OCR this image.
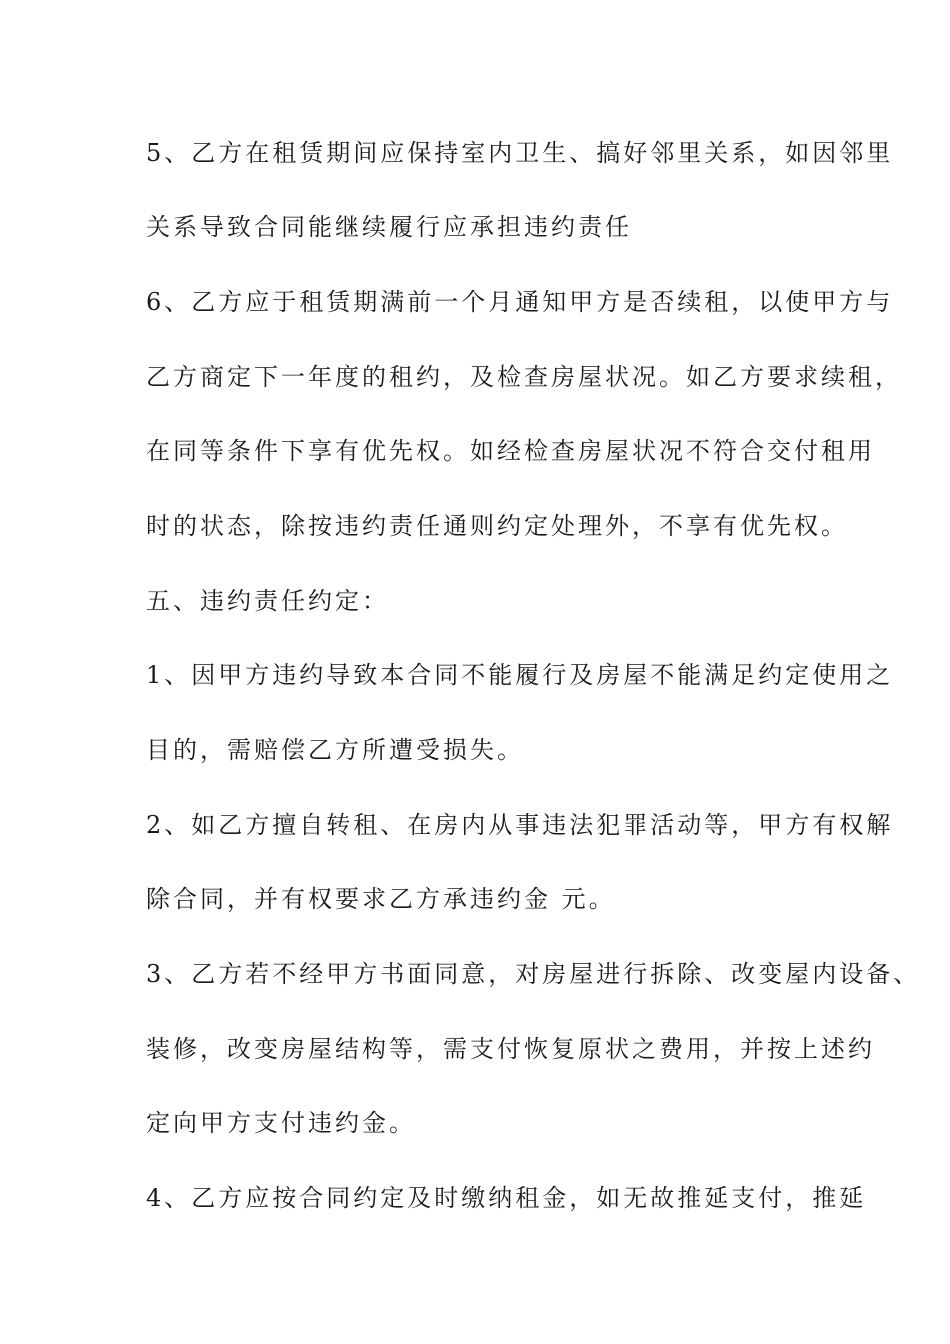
5、乙方在租赁期间应保持室内卫生、搞好邻里关系，如因邻里

关系导致合同能继续履行应承担违约责任

6、乙方应于租赁期满前一个月通知甲方是否续租，以使甲方与

乙方商定下一年度的租约，及检查房屋状况。如乙方要求续租，

在同等条件下享有优先权。如经检查房屋状况不符合交付租用

时的状态，除按违约责任通则约定处理外，不享有优先权。

五、违约责任约定：

1、因甲方违约导致本合同不能履行及房屋不能满足约定使用之

目的，需赔偿乙方所遭受损失。

2、如乙方擅自转租、在房内从事违法犯罪活动等，甲方有权解

除合同，并有权要求乙方承违约金 元。

3、乙方若不经甲方书面同意，对房屋进行拆除、改变屋内设备、

装修，改变房屋结构等，需支付恢复原状之费用，并按上述约

定向甲方支付违约金。

4、乙方应按合同约定及时缴纳租金，如无故推延支付，推延
